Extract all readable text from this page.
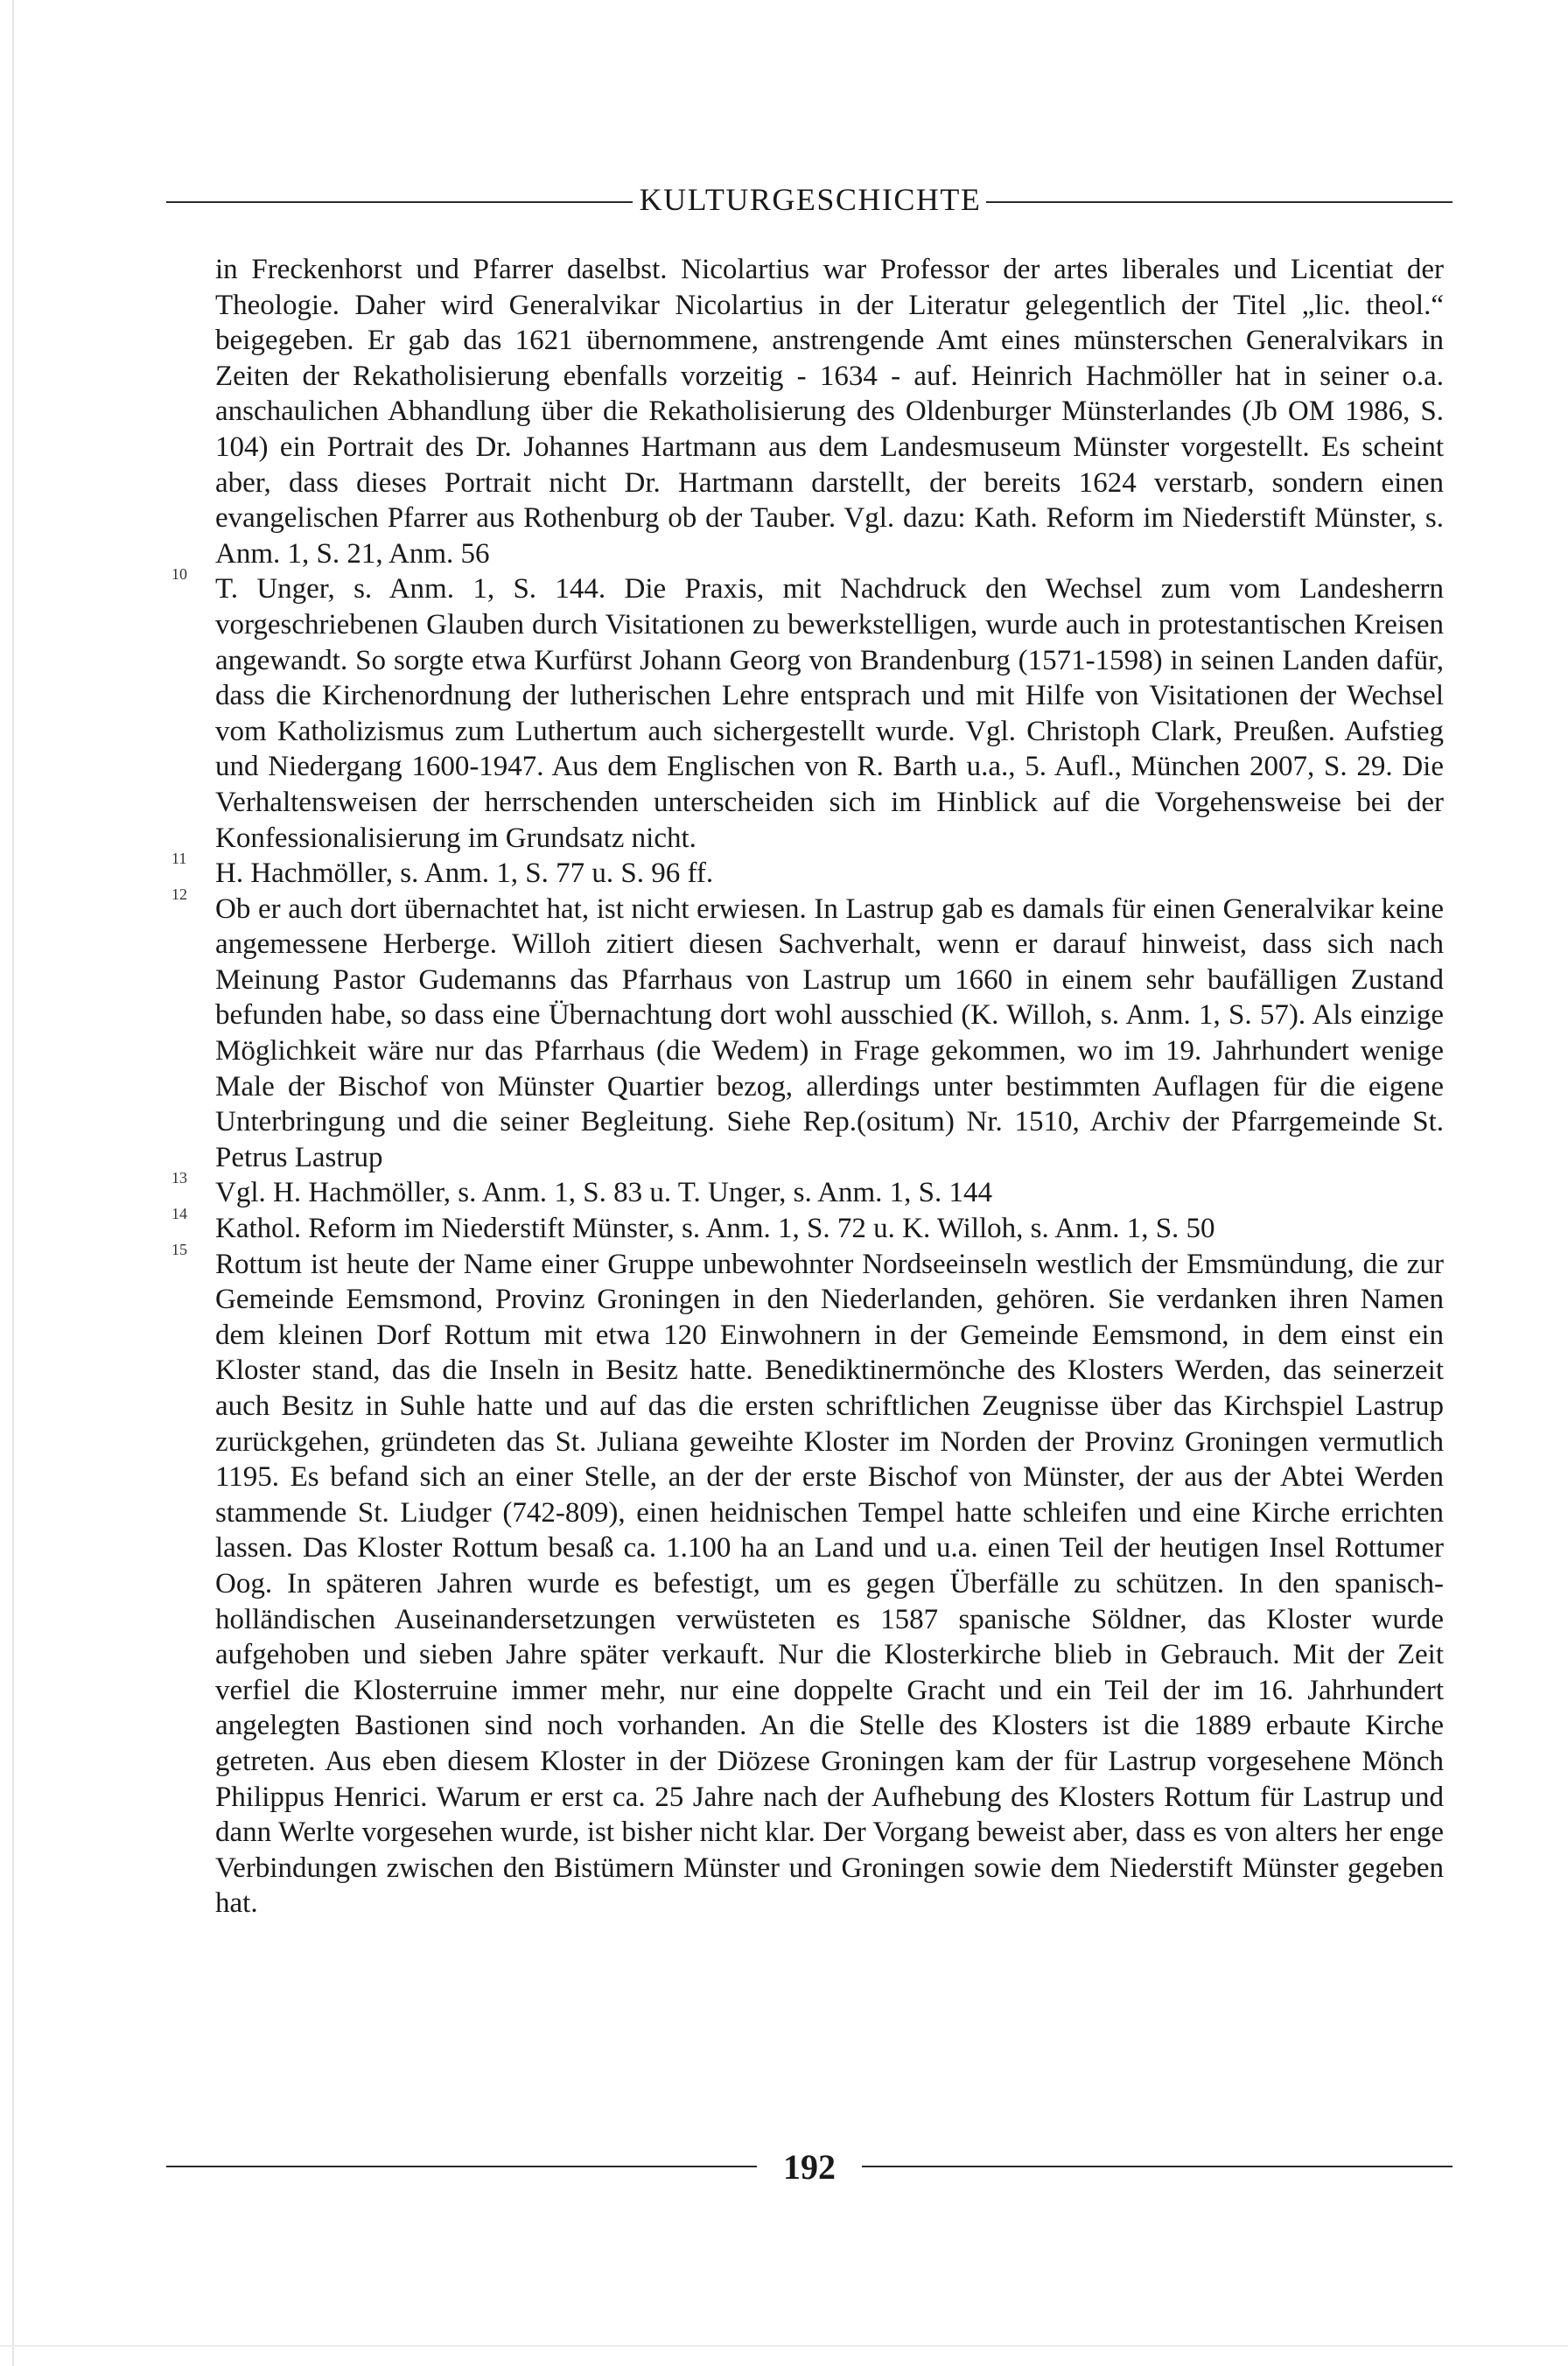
KULTURGESCHICHTE

in Freckenhorst und Pfarrer daselbst. Nicolartius war Professor der artes liberales und Licentiat der Theologie. Daher wird Generalvikar Nicolartius in der Literatur gelegentlich der Titel „lic. theol.“ beigegeben. Er gab das 1621 übernommene, anstrengende Amt eines münsterschen Generalvikars in Zeiten der Rekatholisierung ebenfalls vorzeitig - 1634 - auf. Heinrich Hachmöller hat in seiner o.a. anschaulichen Abhandlung über die Rekatholisierung des Oldenburger Münsterlandes (Jb OM 1986, S. 104) ein Portrait des Dr. Johannes Hartmann aus dem Landesmuseum Münster vorgestellt. Es scheint aber, dass dieses Portrait nicht Dr. Hartmann darstellt, der bereits 1624 verstarb, sondern einen evangelischen Pfarrer aus Rothenburg ob der Tauber. Vgl. dazu: Kath. Reform im Niederstift Münster, s. Anm. 1, S. 21, Anm. 56

10 T. Unger, s. Anm. 1, S. 144. Die Praxis, mit Nachdruck den Wechsel zum vom Landesherrn vorgeschriebenen Glauben durch Visitationen zu bewerkstelligen, wurde auch in protestantischen Kreisen angewandt. So sorgte etwa Kurfürst Johann Georg von Brandenburg (1571-1598) in seinen Landen dafür, dass die Kirchenordnung der lutherischen Lehre entsprach und mit Hilfe von Visitationen der Wechsel vom Katholizismus zum Luthertum auch sichergestellt wurde. Vgl. Christoph Clark, Preußen. Aufstieg und Niedergang 1600-1947. Aus dem Englischen von R. Barth u.a., 5. Aufl., München 2007, S. 29. Die Verhaltensweisen der herrschenden unterscheiden sich im Hinblick auf die Vorgehensweise bei der Konfessionalisierung im Grundsatz nicht.

11 H. Hachmöller, s. Anm. 1, S. 77 u. S. 96 ff.

12 Ob er auch dort übernachtet hat, ist nicht erwiesen. In Lastrup gab es damals für einen Generalvikar keine angemessene Herberge. Willoh zitiert diesen Sachverhalt, wenn er darauf hinweist, dass sich nach Meinung Pastor Gudemanns das Pfarrhaus von Lastrup um 1660 in einem sehr baufälligen Zustand befunden habe, so dass eine Übernachtung dort wohl ausschied (K. Willoh, s. Anm. 1, S. 57). Als einzige Möglichkeit wäre nur das Pfarrhaus (die Wedem) in Frage gekommen, wo im 19. Jahrhundert wenige Male der Bischof von Münster Quartier bezog, allerdings unter bestimmten Auflagen für die eigene Unterbringung und die seiner Begleitung. Siehe Rep.(ositum) Nr. 1510, Archiv der Pfarrgemeinde St. Petrus Lastrup

13 Vgl. H. Hachmöller, s. Anm. 1, S. 83 u. T. Unger, s. Anm. 1, S. 144

14 Kathol. Reform im Niederstift Münster, s. Anm. 1, S. 72 u. K. Willoh, s. Anm. 1, S. 50

15 Rottum ist heute der Name einer Gruppe unbewohnter Nordseeinseln westlich der Emsmündung, die zur Gemeinde Eemsmond, Provinz Groningen in den Niederlanden, gehören. Sie verdanken ihren Namen dem kleinen Dorf Rottum mit etwa 120 Einwohnern in der Gemeinde Eemsmond, in dem einst ein Kloster stand, das die Inseln in Besitz hatte. Benediktinermönche des Klosters Werden, das seinerzeit auch Besitz in Suhle hatte und auf das die ersten schriftlichen Zeugnisse über das Kirchspiel Lastrup zurückgehen, gründeten das St. Juliana geweihte Kloster im Norden der Provinz Groningen vermutlich 1195. Es befand sich an einer Stelle, an der der erste Bischof von Münster, der aus der Abtei Werden stammende St. Liudger (742-809), einen heidnischen Tempel hatte schleifen und eine Kirche errichten lassen. Das Kloster Rottum besaß ca. 1.100 ha an Land und u.a. einen Teil der heutigen Insel Rottumer Oog. In späteren Jahren wurde es befestigt, um es gegen Überfälle zu schützen. In den spanisch-holländischen Auseinandersetzungen verwüsteten es 1587 spanische Söldner, das Kloster wurde aufgehoben und sieben Jahre später verkauft. Nur die Klosterkirche blieb in Gebrauch. Mit der Zeit verfiel die Klosterruine immer mehr, nur eine doppelte Gracht und ein Teil der im 16. Jahrhundert angelegten Bastionen sind noch vorhanden. An die Stelle des Klosters ist die 1889 erbaute Kirche getreten. Aus eben diesem Kloster in der Diözese Groningen kam der für Lastrup vorgesehene Mönch Philippus Henrici. Warum er erst ca. 25 Jahre nach der Aufhebung des Klosters Rottum für Lastrup und dann Werlte vorgesehen wurde, ist bisher nicht klar. Der Vorgang beweist aber, dass es von alters her enge Verbindungen zwischen den Bistümern Münster und Groningen sowie dem Niederstift Münster gegeben hat.

192
